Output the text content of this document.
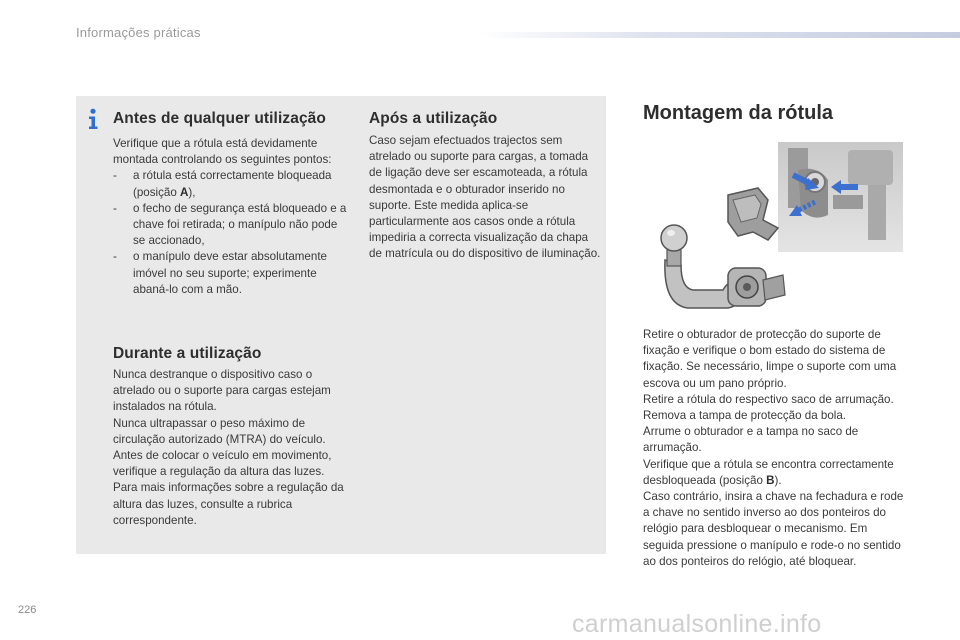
Informações práticas
Antes de qualquer utilização
Verifique que a rótula está devidamente montada controlando os seguintes pontos:
- a rótula está correctamente bloqueada (posição A),
- o fecho de segurança está bloqueado e a chave foi retirada; o manípulo não pode se accionado,
- o manípulo deve estar absolutamente imóvel no seu suporte; experimente abaná-lo com a mão.
Durante a utilização
Nunca destranque o dispositivo caso o atrelado ou o suporte para cargas estejam instalados na rótula.
Nunca ultrapassar o peso máximo de circulação autorizado (MTRA) do veículo.
Antes de colocar o veículo em movimento, verifique a regulação da altura das luzes.
Para mais informações sobre a regulação da altura das luzes, consulte a rubrica correspondente.
Após a utilização
Caso sejam efectuados trajectos sem atrelado ou suporte para cargas, a tomada de ligação deve ser escamoteada, a rótula desmontada e o obturador inserido no suporte. Este medida aplica-se particularmente aos casos onde a rótula impediria a correcta visualização da chapa de matrícula ou do dispositivo de iluminação.
Montagem da rótula
Retire o obturador de protecção do suporte de fixação e verifique o bom estado do sistema de fixação. Se necessário, limpe o suporte com uma escova ou um pano próprio.
Retire a rótula do respectivo saco de arrumação.
Remova a tampa de protecção da bola.
Arrume o obturador e a tampa no saco de arrumação.
Verifique que a rótula se encontra correctamente desbloqueada (posição B).
Caso contrário, insira a chave na fechadura e rode a chave no sentido inverso ao dos ponteiros do relógio para desbloquear o mecanismo. Em seguida pressione o manípulo e rode-o no sentido ao dos ponteiros do relógio, até bloquear.
226	carmanualsonline.info
